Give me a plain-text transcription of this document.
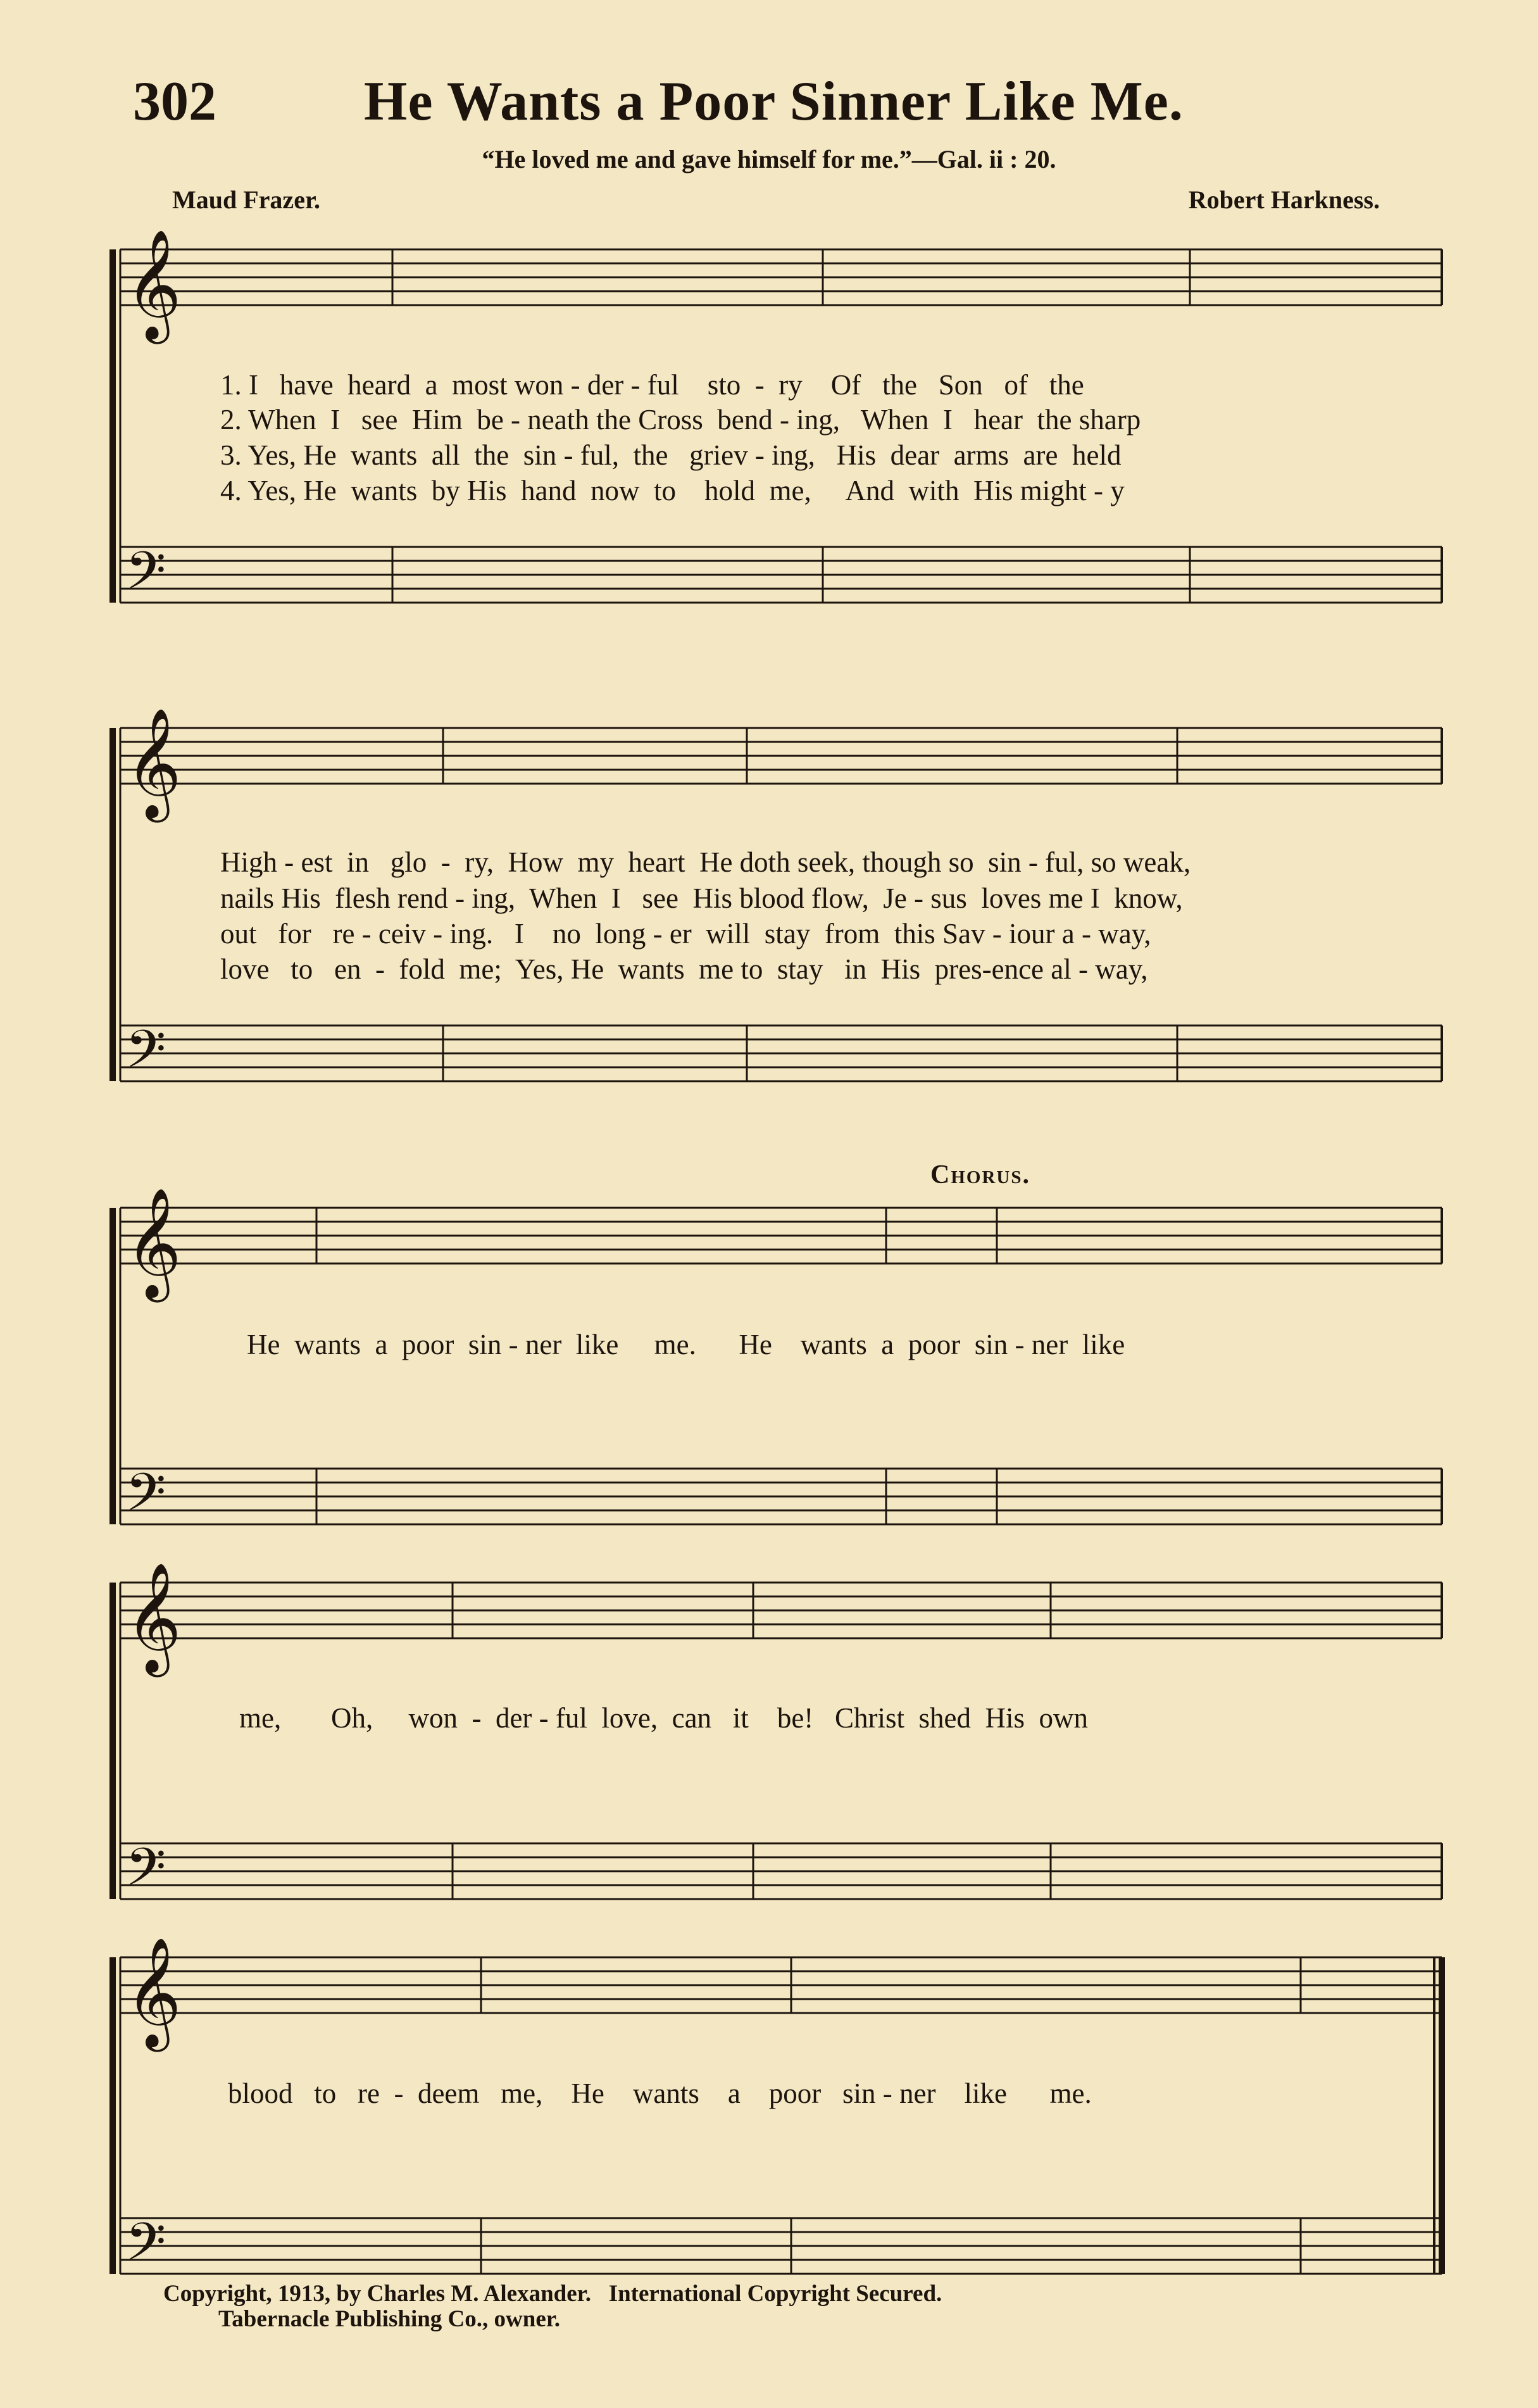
302	He Wants a Poor Sinner Like Me.
“He loved me and gave himself for me.”—Gal. ii : 20.
Maud Frazer.	Robert Harkness.
Chorus.
1. I   have  heard  a  most won - der - ful    sto  -  ry    Of   the   Son   of   the
2. When  I   see  Him  be - neath the Cross  bend - ing,   When  I   hear  the sharp
3. Yes, He  wants  all  the  sin - ful,  the   griev - ing,   His  dear  arms  are  held
4. Yes, He  wants  by His  hand  now  to    hold  me,     And  with  His might - y
High - est  in   glo  -  ry,  How  my  heart  He doth seek, though so  sin - ful, so weak,
nails His  flesh rend - ing,  When  I   see  His blood flow,  Je - sus  loves me I  know,
out   for   re - ceiv - ing.   I    no  long - er  will  stay  from  this Sav - iour a - way,
love   to   en  -  fold  me;  Yes, He  wants  me to  stay   in  His  pres-ence al - way,
He  wants  a  poor  sin - ner  like     me.      He    wants  a  poor  sin - ner  like
me,       Oh,     won  -  der - ful  love,  can   it    be!   Christ  shed  His  own
blood   to   re  -  deem   me,    He    wants    a    poor   sin - ner    like      me.
Copyright, 1913, by Charles M. Alexander.   International Copyright Secured.
Tabernacle Publishing Co., owner.
𝄞
𝄢
𝄞
𝄢
𝄞
𝄢
𝄞
𝄢
𝄞
𝄢
